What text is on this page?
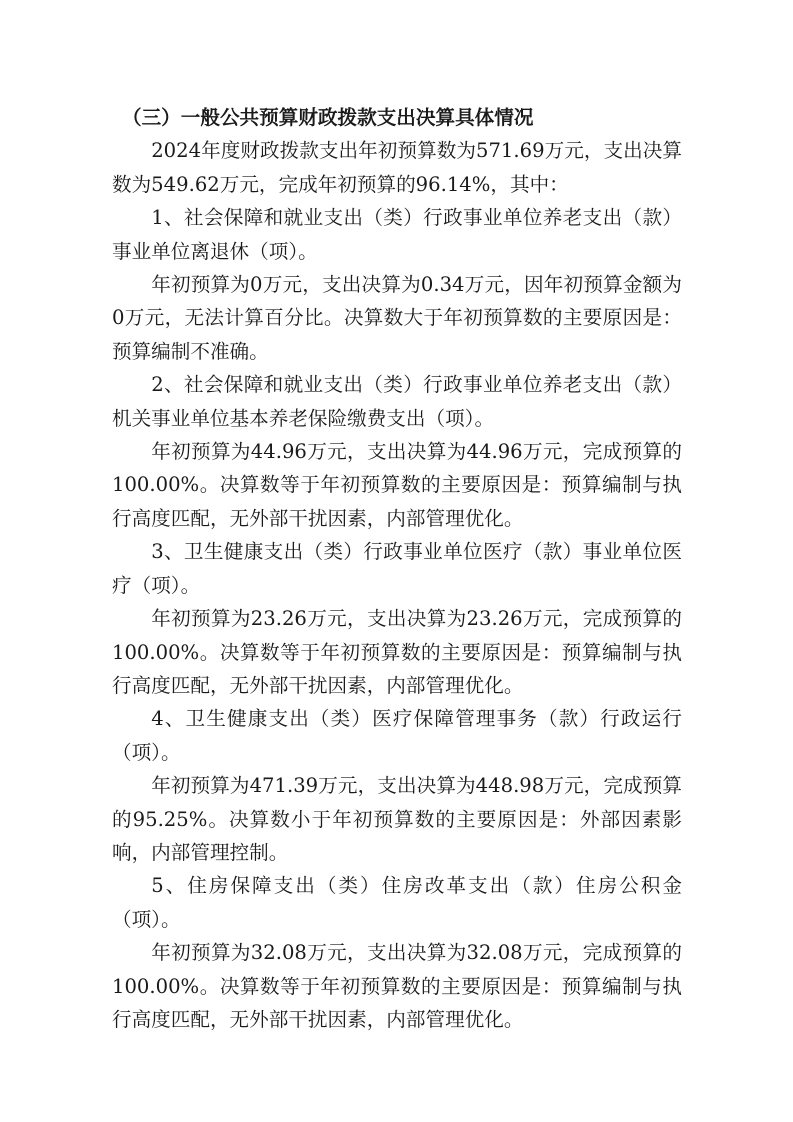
（三）一般公共预算财政拨款支出决算具体情况

2024年度财政拨款支出年初预算数为571.69万元，支出决算数为549.62万元，完成年初预算的96.14%，其中：

1、社会保障和就业支出（类）行政事业单位养老支出（款）事业单位离退休（项）。

年初预算为0万元，支出决算为0.34万元，因年初预算金额为0万元，无法计算百分比。决算数大于年初预算数的主要原因是：预算编制不准确。

2、社会保障和就业支出（类）行政事业单位养老支出（款）机关事业单位基本养老保险缴费支出（项）。

年初预算为44.96万元，支出决算为44.96万元，完成预算的100.00%。决算数等于年初预算数的主要原因是：预算编制与执行高度匹配，无外部干扰因素，内部管理优化。

3、卫生健康支出（类）行政事业单位医疗（款）事业单位医疗（项）。

年初预算为23.26万元，支出决算为23.26万元，完成预算的100.00%。决算数等于年初预算数的主要原因是：预算编制与执行高度匹配，无外部干扰因素，内部管理优化。

4、卫生健康支出（类）医疗保障管理事务（款）行政运行（项）。

年初预算为471.39万元，支出决算为448.98万元，完成预算的95.25%。决算数小于年初预算数的主要原因是：外部因素影响，内部管理控制。

5、住房保障支出（类）住房改革支出（款）住房公积金（项）。

年初预算为32.08万元，支出决算为32.08万元，完成预算的100.00%。决算数等于年初预算数的主要原因是：预算编制与执行高度匹配，无外部干扰因素，内部管理优化。
